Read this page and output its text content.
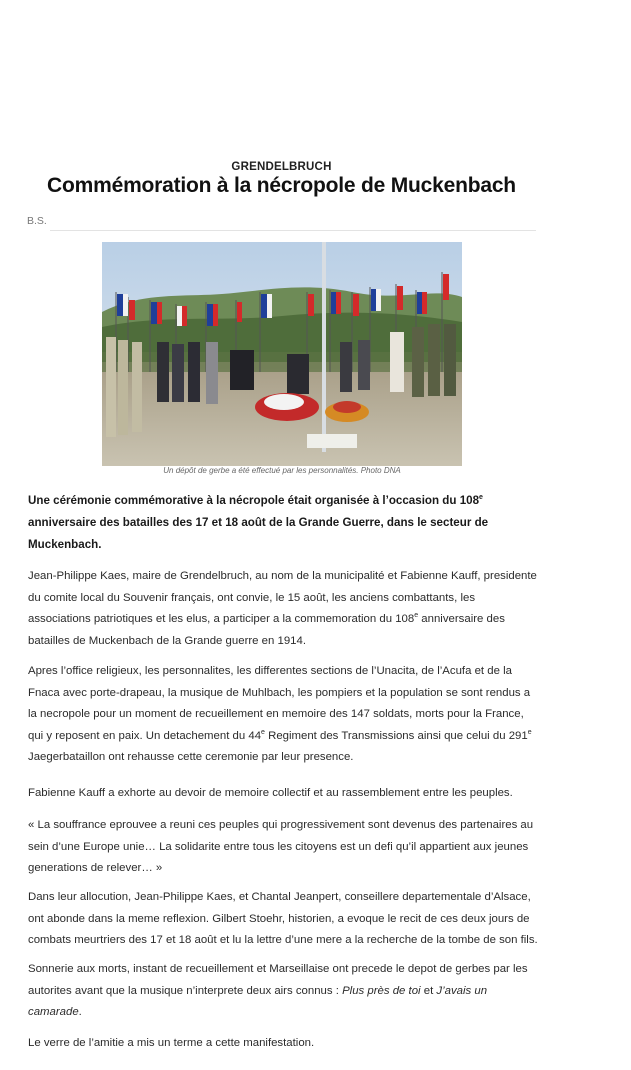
GRENDELBRUCH
Commémoration à la nécropole de Muckenbach
B.S.
Un dépôt de gerbe a été effectué par les personnalités. Photo DNA

Une cérémonie commémorative à la nécropole était organisée à l’occasion du 108e anniversaire des batailles des 17 et 18 août de la Grande Guerre, dans le secteur de Muckenbach.

Jean-Philippe Kaes, maire de Grendelbruch, au nom de la municipalité et Fabienne Kauff, presidente du comite local du Souvenir français, ont convie, le 15 août, les anciens combattants, les associations patriotiques et les elus, a participer a la commemoration du 108e anniversaire des batailles de Muckenbach de la Grande guerre en 1914.

Apres l’office religieux, les personnalites, les differentes sections de l’Unacita, de l’Acufa et de la Fnaca avec porte-drapeau, la musique de Muhlbach, les pompiers et la population se sont rendus a la necropole pour un moment de recueillement en memoire des 147 soldats, morts pour la France, qui y reposent en paix. Un detachement du 44e Regiment des Transmissions ainsi que celui du 291e Jaegerbataillon ont rehausse cette ceremonie par leur presence.

Fabienne Kauff a exhorte au devoir de memoire collectif et au rassemblement entre les peuples.

« La souffrance eprouvee a reuni ces peuples qui progressivement sont devenus des partenaires au sein d’une Europe unie… La solidarite entre tous les citoyens est un defi qu’il appartient aux jeunes generations de relever… »

Dans leur allocution, Jean-Philippe Kaes, et Chantal Jeanpert, conseillere departementale d’Alsace, ont abonde dans la meme reflexion. Gilbert Stoehr, historien, a evoque le recit de ces deux jours de combats meurtriers des 17 et 18 août et lu la lettre d’une mere a la recherche de la tombe de son fils.

Sonnerie aux morts, instant de recueillement et Marseillaise ont precede le depot de gerbes par les autorites avant que la musique n’interprete deux airs connus : Plus près de toi et J’avais un camarade.

Le verre de l’amitie a mis un terme a cette manifestation.
